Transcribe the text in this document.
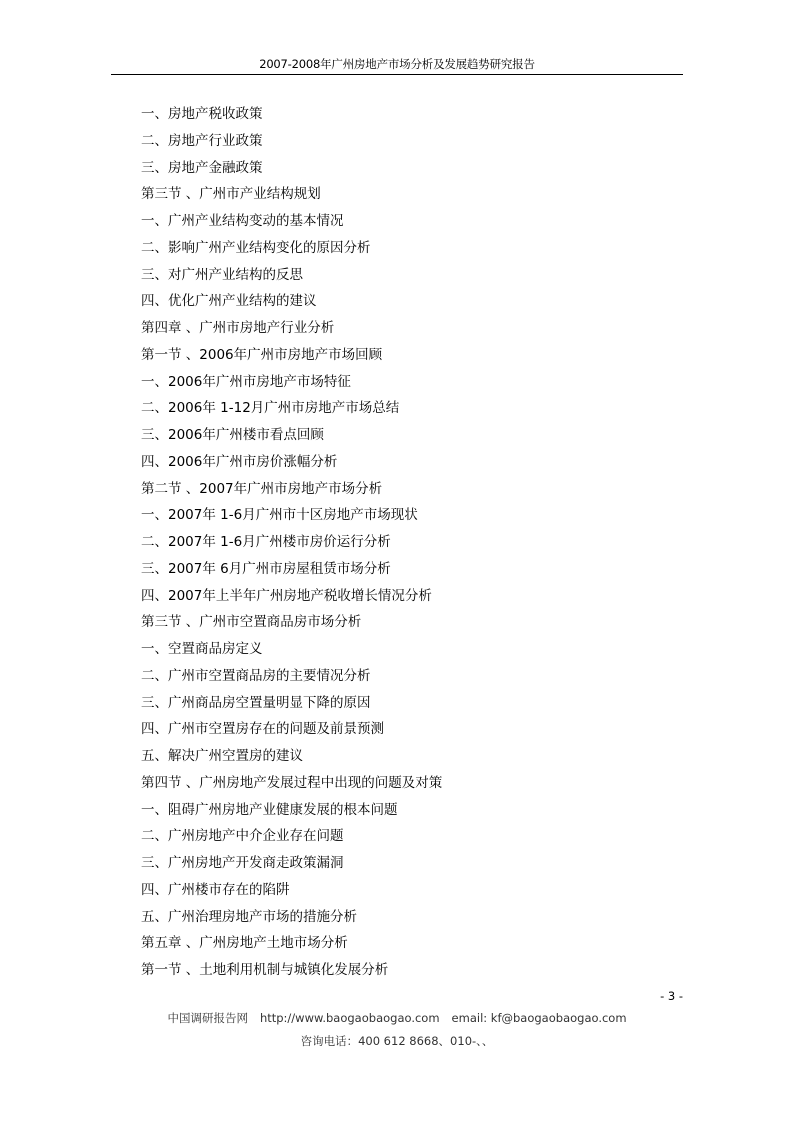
2007-2008年广州房地产市场分析及发展趋势研究报告
一、房地产税收政策
二、房地产行业政策
三、房地产金融政策
第三节 、广州市产业结构规划
一、广州产业结构变动的基本情况
二、影响广州产业结构变化的原因分析
三、对广州产业结构的反思
四、优化广州产业结构的建议
第四章 、广州市房地产行业分析
第一节 、2006年广州市房地产市场回顾
一、2006年广州市房地产市场特征
二、2006年 1-12月广州市房地产市场总结
三、2006年广州楼市看点回顾
四、2006年广州市房价涨幅分析
第二节 、2007年广州市房地产市场分析
一、2007年 1-6月广州市十区房地产市场现状
二、2007年 1-6月广州楼市房价运行分析
三、2007年 6月广州市房屋租赁市场分析
四、2007年上半年广州房地产税收增长情况分析
第三节 、广州市空置商品房市场分析
一、空置商品房定义
二、广州市空置商品房的主要情况分析
三、广州商品房空置量明显下降的原因
四、广州市空置房存在的问题及前景预测
五、解决广州空置房的建议
第四节 、广州房地产发展过程中出现的问题及对策
一、阻碍广州房地产业健康发展的根本问题
二、广州房地产中介企业存在问题
三、广州房地产开发商走政策漏洞
四、广州楼市存在的陷阱
五、广州治理房地产市场的措施分析
第五章 、广州房地产土地市场分析
第一节 、土地利用机制与城镇化发展分析
- 3 -
中国调研报告网 http://www.baogaobaogao.com email: kf@baogaobaogao.com
咨询电话：400 612 8668、010-、、
